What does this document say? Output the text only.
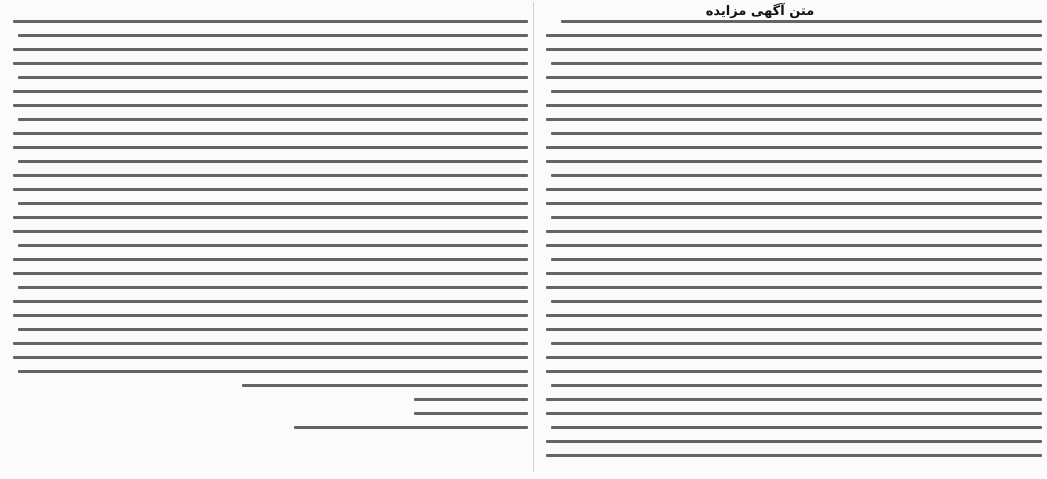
متن آگهی مزایده
